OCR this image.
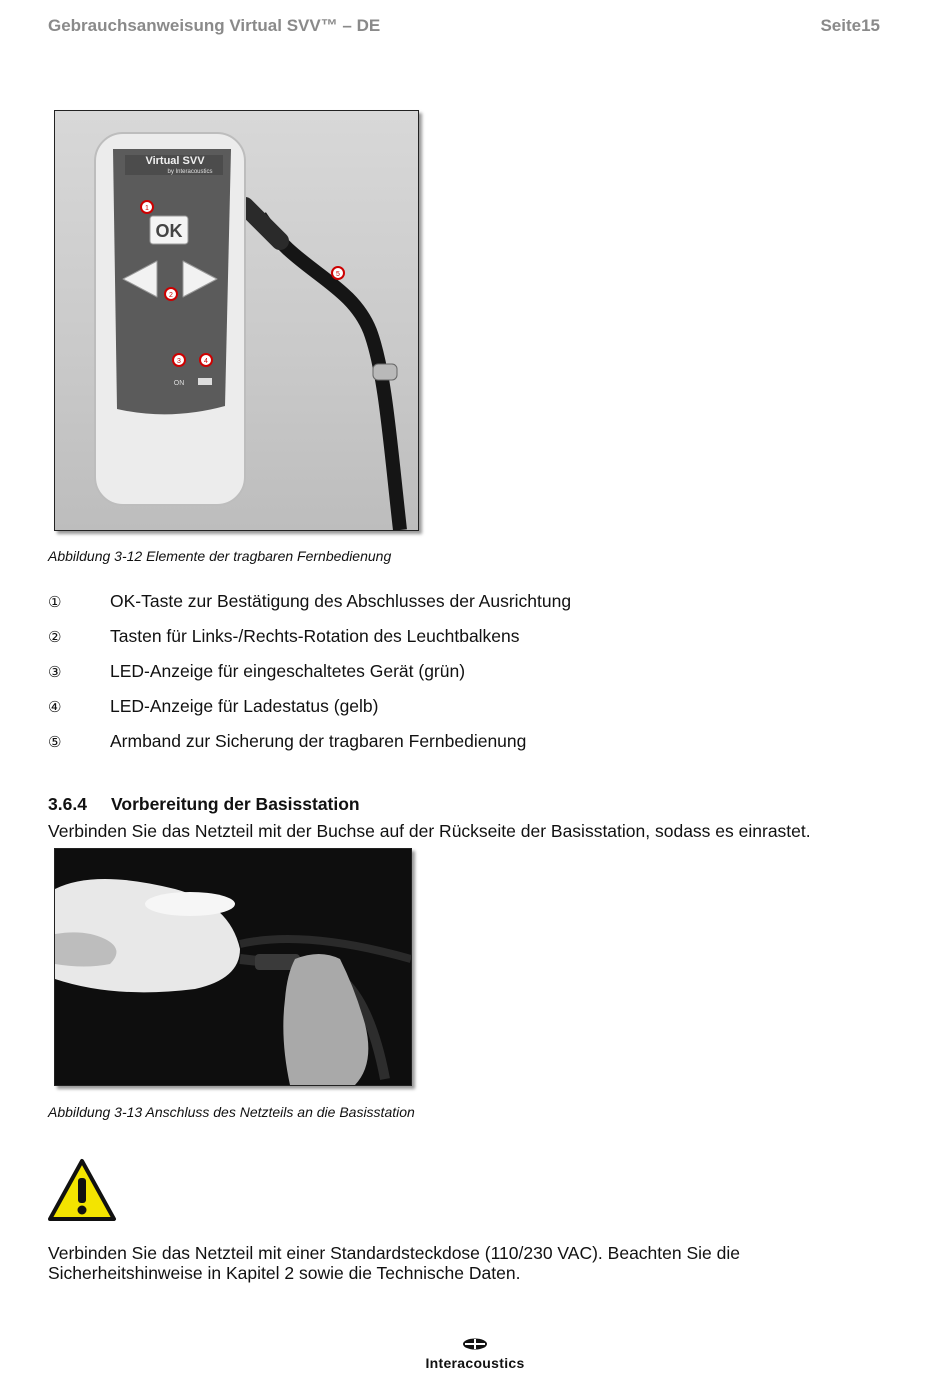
Gebrauchsanweisung Virtual SVV™ – DE	Seite15
Virtual SVV
by Interacoustics
OK
1
2
3	4
5
ON
Abbildung 3-12 Elemente der tragbaren Fernbedienung
①	OK-Taste zur Bestätigung des Abschlusses der Ausrichtung
②	Tasten für Links-/Rechts-Rotation des Leuchtbalkens
③	LED-Anzeige für eingeschaltetes Gerät (grün)
④	LED-Anzeige für Ladestatus (gelb)
⑤	Armband zur Sicherung der tragbaren Fernbedienung
3.6.4	Vorbereitung der Basisstation
Verbinden Sie das Netzteil mit der Buchse auf der Rückseite der Basisstation, sodass es einrastet.
Abbildung 3-13 Anschluss des Netzteils an die Basisstation
Verbinden Sie das Netzteil mit einer Standardsteckdose (110/230 VAC). Beachten Sie die Sicherheitshinweise in Kapitel 2 sowie die Technische Daten.
Interacoustics
